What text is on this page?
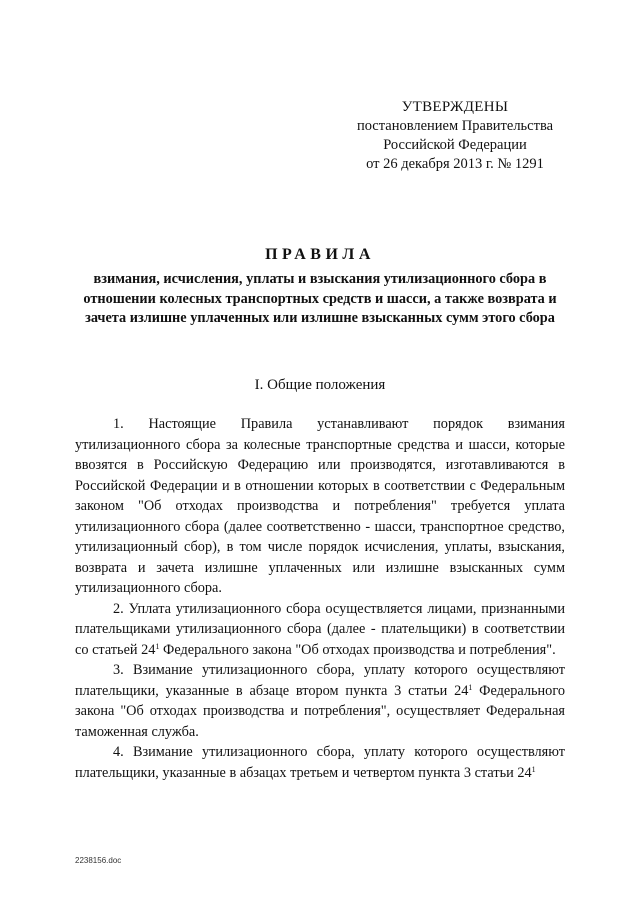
УТВЕРЖДЕНЫ
постановлением Правительства
Российской Федерации
от 26 декабря 2013 г. № 1291
ПРАВИЛА
взимания, исчисления, уплаты и взыскания утилизационного сбора в отношении колесных транспортных средств и шасси, а также возврата и зачета излишне уплаченных или излишне взысканных сумм этого сбора
I. Общие положения

1. Настоящие Правила устанавливают порядок взимания утилизационного сбора за колесные транспортные средства и шасси, которые ввозятся в Российскую Федерацию или производятся, изготавливаются в Российской Федерации и в отношении которых в соответствии с Федеральным законом "Об отходах производства и потребления" требуется уплата утилизационного сбора (далее соответственно - шасси, транспортное средство, утилизационный сбор), в том числе порядок исчисления, уплаты, взыскания, возврата и зачета излишне уплаченных или излишне взысканных сумм утилизационного сбора.

2. Уплата утилизационного сбора осуществляется лицами, признанными плательщиками утилизационного сбора (далее - плательщики) в соответствии со статьей $24^1$ Федерального закона "Об отходах производства и потребления".

3. Взимание утилизационного сбора, уплату которого осуществляют плательщики, указанные в абзаце втором пункта 3 статьи $24^1$ Федерального закона "Об отходах производства и потребления", осуществляет Федеральная таможенная служба.

4. Взимание утилизационного сбора, уплату которого осуществляют плательщики, указанные в абзацах третьем и четвертом пункта 3 статьи $24^1$

2238156.doc
